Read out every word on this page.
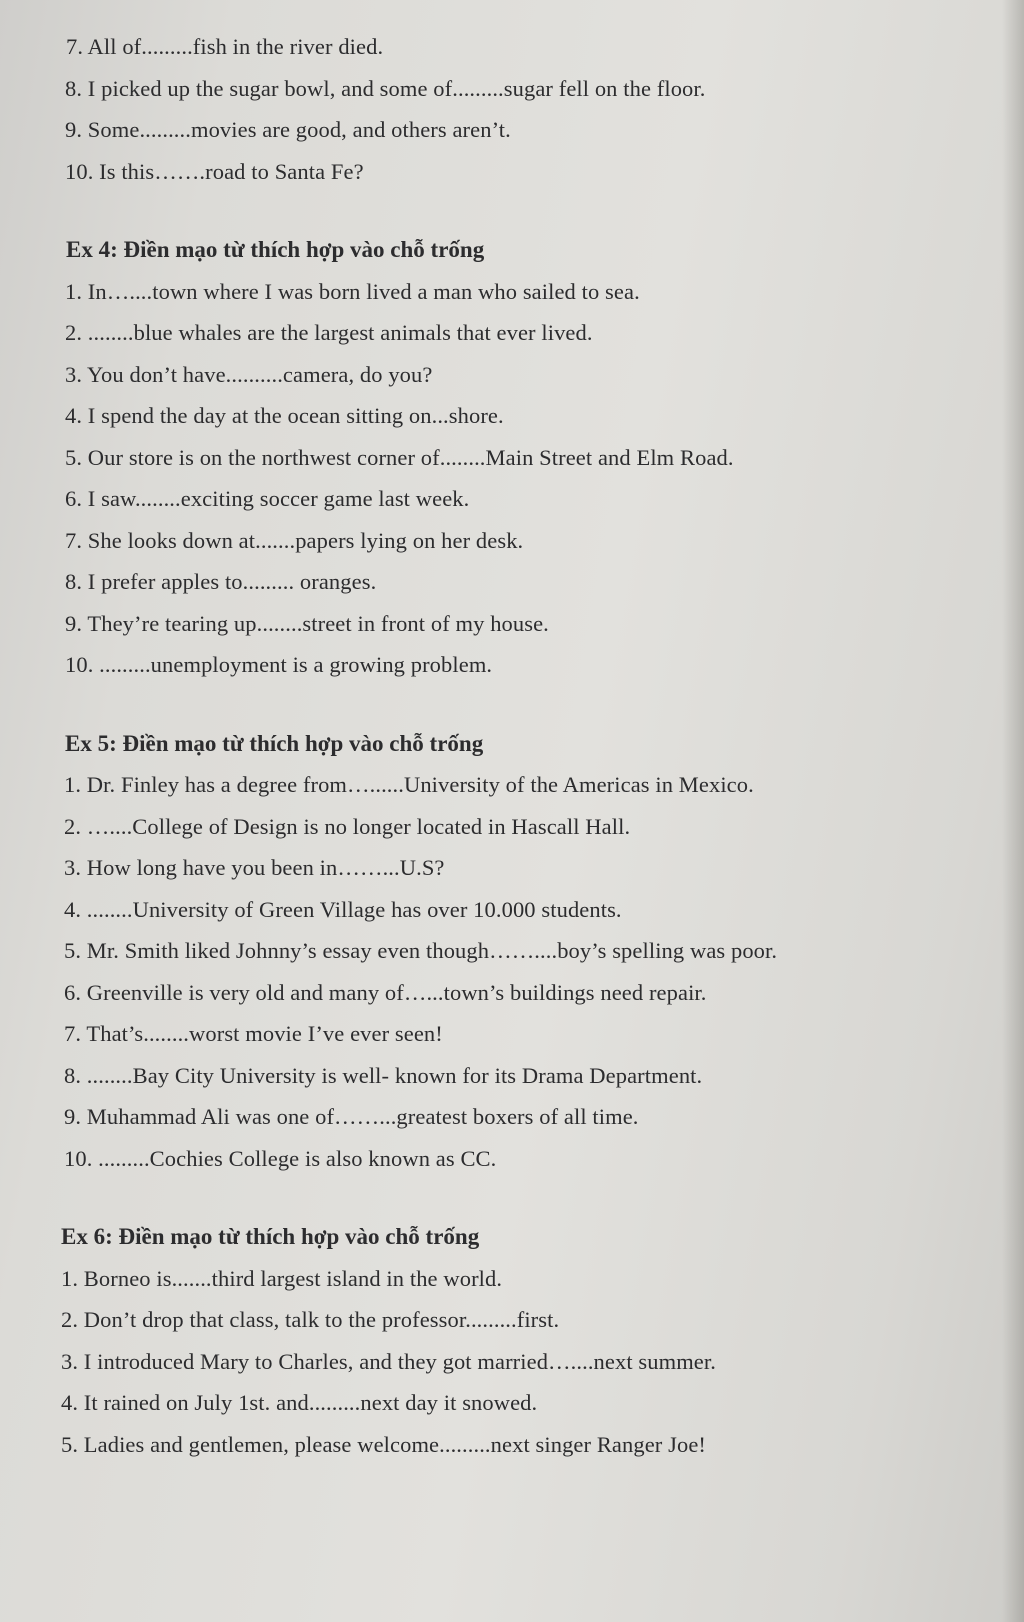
7. All of.........fish in the river died.
8. I picked up the sugar bowl, and some of.........sugar fell on the floor.
9. Some.........movies are good, and others aren’t.
10. Is this…….road to Santa Fe?
Ex 4: Điền mạo từ thích hợp vào chỗ trống
1. In…....town where I was born lived a man who sailed to sea.
2. ........blue whales are the largest animals that ever lived.
3. You don’t have..........camera, do you?
4. I spend the day at the ocean sitting on...shore.
5. Our store is on the northwest corner of........Main Street and Elm Road.
6. I saw........exciting soccer game last week.
7. She looks down at.......papers lying on her desk.
8. I prefer apples to......... oranges.
9. They’re tearing up........street in front of my house.
10. .........unemployment is a growing problem.
Ex 5: Điền mạo từ thích hợp vào chỗ trống
1. Dr. Finley has a degree from…......University of the Americas in Mexico.
2. …....College of Design is no longer located in Hascall Hall.
3. How long have you been in……...U.S?
4. ........University of Green Village has over 10.000 students.
5. Mr. Smith liked Johnny’s essay even though……....boy’s spelling was poor.
6. Greenville is very old and many of…...town’s buildings need repair.
7. That’s........worst movie I’ve ever seen!
8. ........Bay City University is well- known for its Drama Department.
9. Muhammad Ali was one of……...greatest boxers of all time.
10. .........Cochies College is also known as CC.
Ex 6: Điền mạo từ thích hợp vào chỗ trống
1. Borneo is.......third largest island in the world.
2. Don’t drop that class, talk to the professor.........first.
3. I introduced Mary to Charles, and they got married…....next summer.
4. It rained on July 1st. and.........next day it snowed.
5. Ladies and gentlemen, please welcome.........next singer Ranger Joe!
